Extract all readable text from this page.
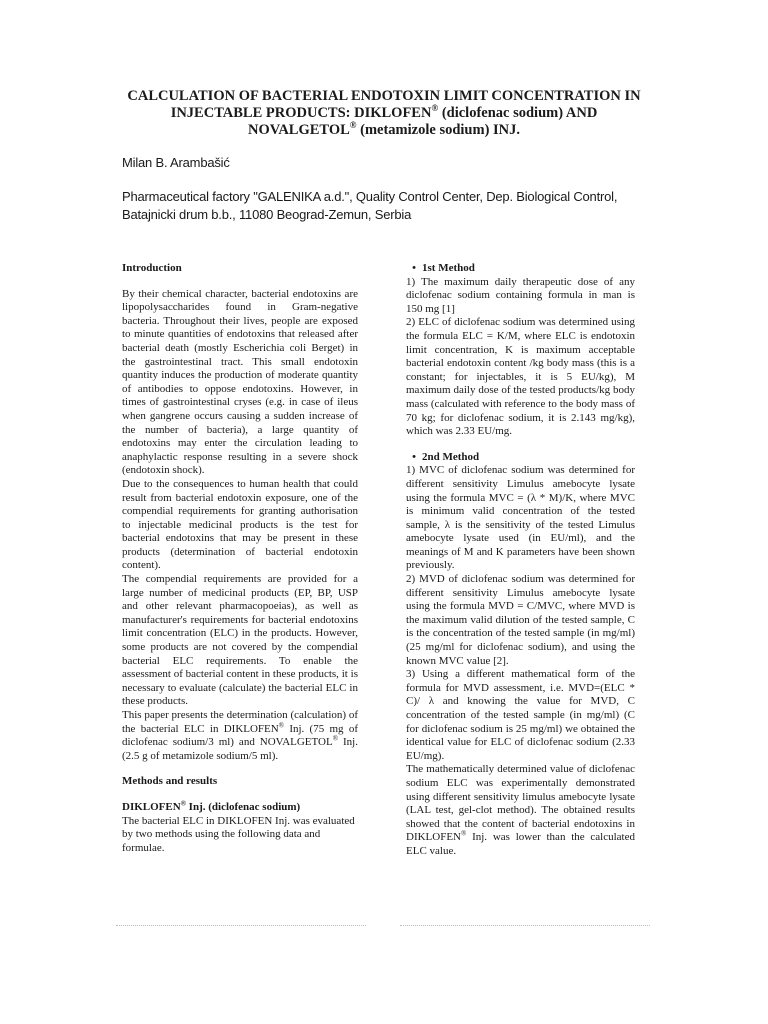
CALCULATION OF BACTERIAL ENDOTOXIN LIMIT CONCENTRATION IN
INJECTABLE PRODUCTS: DIKLOFEN® (diclofenac sodium) AND
NOVALGETOL® (metamizole sodium) INJ.
Milan B. Arambašić
Pharmaceutical factory "GALENIKA a.d.", Quality Control Center, Dep. Biological Control, Batajnicki drum b.b., 11080 Beograd-Zemun, Serbia

Introduction

By their chemical character, bacterial endotoxins are lipopolysaccharides found in Gram-negative bacteria. Throughout their lives, people are exposed to minute quantities of endotoxins that released after bacterial death (mostly Escherichia coli Berget) in the gastrointestinal tract. This small endotoxin quantity induces the production of moderate quantity of antibodies to oppose endotoxins. However, in times of gastrointestinal cryses (e.g. in case of ileus when gangrene occurs causing a sudden increase of the number of bacteria), a large quantity of endotoxins may enter the circulation leading to anaphylactic response resulting in a severe shock (endotoxin shock).

Due to the consequences to human health that could result from bacterial endotoxin exposure, one of the compendial requirements for granting authorisation to injectable medicinal products is the test for bacterial endotoxins that may be present in these products (determination of bacterial endotoxin content).

The compendial requirements are provided for a large number of medicinal products (EP, BP, USP and other relevant pharmacopoeias), as well as manufacturer's requirements for bacterial endotoxins limit concentration (ELC) in the products. However, some products are not covered by the compendial bacterial ELC requirements. To enable the assessment of bacterial content in these products, it is necessary to evaluate (calculate) the bacterial ELC in these products.

This paper presents the determination (calculation) of the bacterial ELC in DIKLOFEN® Inj. (75 mg of diclofenac sodium/3 ml) and NOVALGETOL® Inj. (2.5 g of metamizole sodium/5 ml).

Methods and results

DIKLOFEN® Inj. (diclofenac sodium)

The bacterial ELC in DIKLOFEN Inj. was evaluated by two methods using the following data and formulae.

• 1st Method

1) The maximum daily therapeutic dose of any diclofenac sodium containing formula in man is 150 mg [1]

2) ELC of diclofenac sodium was determined using the formula ELC = K/M, where ELC is endotoxin limit concentration, K is maximum acceptable bacterial endotoxin content /kg body mass (this is a constant; for injectables, it is 5 EU/kg), M maximum daily dose of the tested products/kg body mass (calculated with reference to the body mass of 70 kg; for diclofenac sodium, it is 2.143 mg/kg), which was 2.33 EU/mg.

• 2nd Method

1) MVC of diclofenac sodium was determined for different sensitivity Limulus amebocyte lysate using the formula MVC = (λ * M)/K, where MVC is minimum valid concentration of the tested sample, λ is the sensitivity of the tested Limulus amebocyte lysate used (in EU/ml), and the meanings of M and K parameters have been shown previously.

2) MVD of diclofenac sodium was determined for different sensitivity Limulus amebocyte lysate using the formula MVD = C/MVC, where MVD is the maximum valid dilution of the tested sample, C is the concentration of the tested sample (in mg/ml) (25 mg/ml for diclofenac sodium), and using the known MVC value [2].

3) Using a different mathematical form of the formula for MVD assessment, i.e. MVD=(ELC * C)/ λ and knowing the value for MVD, C concentration of the tested sample (in mg/ml) (C for diclofenac sodium is 25 mg/ml) we obtained the identical value for ELC of diclofenac sodium (2.33 EU/mg).

The mathematically determined value of diclofenac sodium ELC was experimentally demonstrated using different sensitivity limulus amebocyte lysate (LAL test, gel-clot method). The obtained results showed that the content of bacterial endotoxins in DIKLOFEN® Inj. was lower than the calculated ELC value.
